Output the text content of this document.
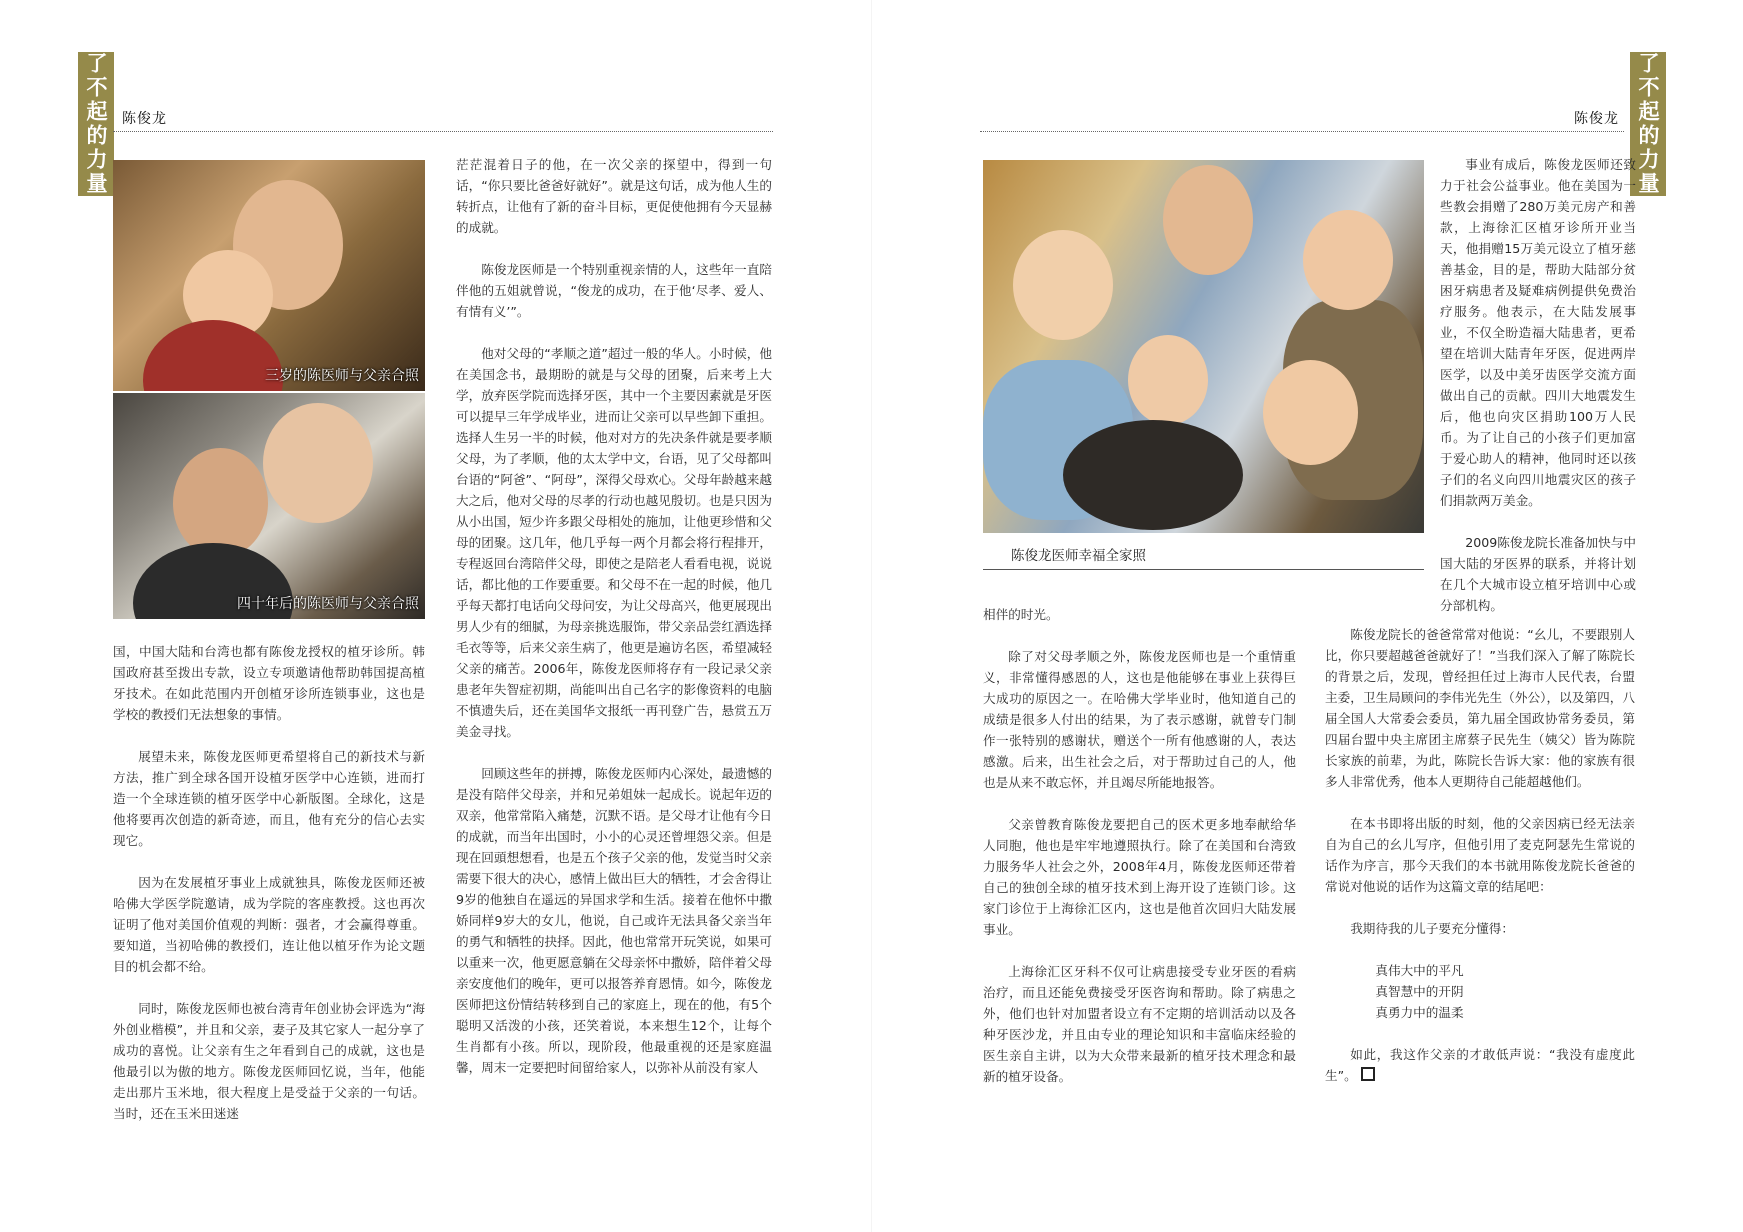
了不起的力量 陈俊龙
三岁的陈医师与父亲合照
四十年后的陈医师与父亲合照

国，中国大陆和台湾也都有陈俊龙授权的植牙诊所。韩国政府甚至拨出专款，设立专项邀请他帮助韩国提高植牙技术。在如此范围内开创植牙诊所连锁事业，这也是学校的教授们无法想象的事情。

展望未来，陈俊龙医师更希望将自己的新技术与新方法，推广到全球各国开设植牙医学中心连锁，进而打造一个全球连锁的植牙医学中心新版图。全球化，这是他将要再次创造的新奇迹，而且，他有充分的信心去实现它。

因为在发展植牙事业上成就独具，陈俊龙医师还被哈佛大学医学院邀请，成为学院的客座教授。这也再次证明了他对美国价值观的判断：强者，才会赢得尊重。要知道，当初哈佛的教授们，连让他以植牙作为论文题目的机会都不给。

同时，陈俊龙医师也被台湾青年创业协会评选为“海外创业楷模”，并且和父亲，妻子及其它家人一起分享了成功的喜悦。让父亲有生之年看到自己的成就，这也是他最引以为傲的地方。陈俊龙医师回忆说，当年，他能走出那片玉米地，很大程度上是受益于父亲的一句话。当时，还在玉米田迷迷

茫茫混着日子的他，在一次父亲的探望中，得到一句话，“你只要比爸爸好就好”。就是这句话，成为他人生的转折点，让他有了新的奋斗目标，更促使他拥有今天显赫的成就。

陈俊龙医师是一个特别重视亲情的人，这些年一直陪伴他的五姐就曾说，“俊龙的成功，在于他‘尽孝、爱人、有情有义’”。

他对父母的“孝顺之道”超过一般的华人。小时候，他在美国念书，最期盼的就是与父母的团聚，后来考上大学，放弃医学院而选择牙医，其中一个主要因素就是牙医可以提早三年学成毕业，进而让父亲可以早些卸下重担。选择人生另一半的时候，他对对方的先决条件就是要孝顺父母，为了孝顺，他的太太学中文，台语，见了父母都叫台语的“阿爸”、“阿母”，深得父母欢心。父母年龄越来越大之后，他对父母的尽孝的行动也越见殷切。也是只因为从小出国，短少许多跟父母相处的施加，让他更珍惜和父母的团聚。这几年，他几乎每一两个月都会将行程排开，专程返回台湾陪伴父母，即使之是陪老人看看电视，说说话，都比他的工作要重要。和父母不在一起的时候，他几乎每天都打电话向父母问安，为让父母高兴，他更展现出男人少有的细腻，为母亲挑选服饰，带父亲品尝红酒选择毛衣等等，后来父亲生病了，他更是遍访名医，希望减轻父亲的痛苦。2006年，陈俊龙医师将存有一段记录父亲患老年失智症初期，尚能叫出自己名字的影像资料的电脑不慎遗失后，还在美国华文报纸一再刊登广告，悬赏五万美金寻找。

回顾这些年的拼搏，陈俊龙医师内心深处，最遗憾的是没有陪伴父母亲，并和兄弟姐妹一起成长。说起年迈的双亲，他常常陷入痛楚，沉默不语。是父母才让他有今日的成就，而当年出国时，小小的心灵还曾埋怨父亲。但是现在回頭想想看，也是五个孩子父亲的他，发觉当时父亲需要下很大的决心，感情上做出巨大的牺牲，才会舍得让9岁的他独自在遥远的异国求学和生活。接着在他怀中撒娇同样9岁大的女儿，他说，自己或许无法具备父亲当年的勇气和牺牲的抉择。因此，他也常常开玩笑说，如果可以重来一次，他更愿意躺在父母亲怀中撒娇，陪伴着父母亲安度他们的晚年，更可以报答养育恩情。如今，陈俊龙医师把这份情结转移到自己的家庭上，现在的他，有5个聪明又活泼的小孩，还笑着说，本来想生12个，让每个生肖都有小孩。所以，现阶段，他最重视的还是家庭温馨，周末一定要把时间留给家人，以弥补从前没有家人

了不起的力量
陈俊龙
陈俊龙医师幸福全家照

事业有成后，陈俊龙医师还致力于社会公益事业。他在美国为一些教会捐赠了280万美元房产和善款，上海徐汇区植牙诊所开业当天，他捐赠15万美元设立了植牙慈善基金，目的是，帮助大陆部分贫困牙病患者及疑难病例提供免费治疗服务。他表示，在大陆发展事业，不仅全盼造福大陆患者，更希望在培训大陆青年牙医，促进两岸医学，以及中美牙齿医学交流方面做出自己的贡献。四川大地震发生后，他也向灾区捐助100万人民币。为了让自己的小孩子们更加富于爱心助人的精神，他同时还以孩子们的名义向四川地震灾区的孩子们捐款两万美金。

2009陈俊龙院长准备加快与中国大陆的牙医界的联系，并将计划在几个大城市设立植牙培训中心或分部机构。

相伴的时光。

除了对父母孝顺之外，陈俊龙医师也是一个重情重义，非常懂得感恩的人，这也是他能够在事业上获得巨大成功的原因之一。在哈佛大学毕业时，他知道自己的成绩是很多人付出的结果，为了表示感谢，就曾专门制作一张特别的感谢状，赠送个一所有他感谢的人，表达感激。后来，出生社会之后，对于帮助过自己的人，他也是从来不敢忘怀，并且竭尽所能地报答。

父亲曾教育陈俊龙要把自己的医术更多地奉献给华人同胞，他也是牢牢地遵照执行。除了在美国和台湾致力服务华人社会之外，2008年4月，陈俊龙医师还带着自己的独创全球的植牙技术到上海开设了连锁门诊。这家门诊位于上海徐汇区内，这也是他首次回归大陆发展事业。

上海徐汇区牙科不仅可让病患接受专业牙医的看病治疗，而且还能免费接受牙医咨询和帮助。除了病患之外，他们也针对加盟者设立有不定期的培训活动以及各种牙医沙龙，并且由专业的理论知识和丰富临床经验的医生亲自主讲，以为大众带来最新的植牙技术理念和最新的植牙设备。

陈俊龙院长的爸爸常常对他说：“幺儿，不要跟别人比，你只要超越爸爸就好了！”当我们深入了解了陈院长的背景之后，发现，曾经担任过上海市人民代表，台盟主委，卫生局顾问的李伟光先生（外公），以及第四，八届全国人大常委会委员，第九届全国政协常务委员，第四届台盟中央主席团主席蔡子民先生（姨父）皆为陈院长家族的前辈，为此，陈院长告诉大家：他的家族有很多人非常优秀，他本人更期待自己能超越他们。

在本书即将出版的时刻，他的父亲因病已经无法亲自为自己的幺儿写序，但他引用了麦克阿瑟先生常说的话作为序言，那今天我们的本书就用陈俊龙院长爸爸的常说对他说的话作为这篇文章的结尾吧：

我期待我的儿子要充分懂得：

真伟大中的平凡

真智慧中的开阴

真勇力中的温柔

如此，我这作父亲的才敢低声说：“我没有虚度此生”。
